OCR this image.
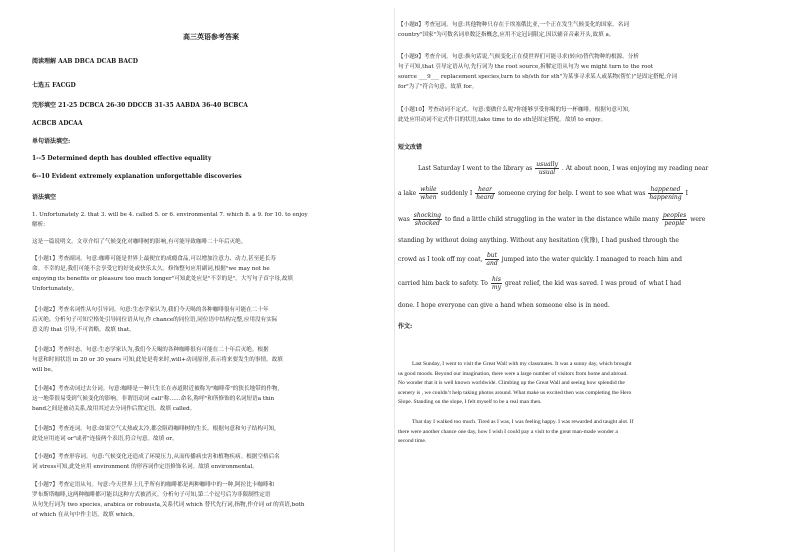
高三英语参考答案

阅读理解 AAB DBCA DCAB BACD

七选五 FACGD

完形填空 21-25 DCBCA 26-30 DDCCB 31-35 AABDA 36-40 BCBCA

ACBCB ADCAA

单句语法填空:

1--5 Determined depth has doubled effective equality

6--10 Evident extremely explanation unforgettable discoveries

语法填空

1. Unfortunately 2. that 3. will be 4. called 5. or 6. environmental 7. which 8. a 9. for 10. to enjoy

解析:

这是一篇说明文。文章介绍了气候变化对咖啡树的影响,有可能导致咖啡二十年后灭绝。

【小题1】考查副词。句意:咖啡可能是世界上最便宜的成瘾食品,可以增加注意力、动力,甚至延长寿
命。不幸的是,我们可能不会享受它的好处或快乐太久。修饰整句应用副词,根据"we may not be
enjoying its benefits or pleasure too much longer"可知此处应是"不幸的是"。大写句子首字母,故填
Unfortunately。
【小题2】考查名词性从句引导词。句意:生态学家认为,我们今天喝的各种咖啡很有可能在二十年
后灭绝。分析句子可知空格处引导同位语从句,作 chance的同位语,同位语中结构完整,应用没有实际
意义的 that 引导,不可省略。故填 that。
【小题3】考查时态。句意:生态学家认为,我们今天喝的各种咖啡很有可能在二十年后灭绝。根据
句意和时间状语 in 20 or 30 years 可知,此处是将来时,will+动词原形,表示将来要发生的事情。故填
will be。
【小题4】考查动词过去分词。句意:咖啡是一种只生长在赤道附近被称为"咖啡带"的狭长地带的作物,
这一地带很易受到气候变化的影响。非谓语动词 call"称……命名,称呼"和所修饰的名词短语a thin
band之间是被动关系,故用其过去分词作后置定语。故填 called。
【小题5】考查连词。句意:如果空气太热或太冷,都会阻碍咖啡树的生长。根据句意和句子结构可知,
此处应用连词 or"或者"连接两个表语,符合句意。故填 or。
【小题6】考查形容词。句意:气候变化还造成了环境压力,从而传播病虫害和植物疾病。根据空格后名
词 stress可知,此处应用 environment 的形容词作定语修饰名词。故填 environmental。
【小题7】考查定语从句。句意:今天世界上几乎所有的咖啡都是两种咖啡中的一种,阿拉比卡咖啡和
罗布斯塔咖啡,这两种咖啡都可能以这种方式被消灭。分析句子可知,第二个逗号后为非限制性定语
从句先行词为 two species, arabica or robuusta,关系代词 which 替代先行词,指物,作介词 of 的宾语,both
of which 在从句中作主语。故填 which。
【小题8】考查冠词。句意:其他物种只存在于埃塞俄比亚,一个正在发生气候变化的国家。名词
country"国家"为可数名词单数泛指概念,应用不定冠词限定,因以辅音音素开头,故填 a。
【小题9】考查介词。句意:换句话说,气候变化正在使世界们可能寻求(转向)替代物种的根源。分析
句子可知,that 引导定语从句,先行词为 the root source,拆解定语从句为 we might turn to the root
source ___9___ replacement species,turn to sb/sth for sth"为某事寻求某人或某物(帮忙)"是固定搭配,介词
for"为了"符合句意。故填 for。
【小题10】考查动词不定式。句意:要做什么呢?你能够享受你喝的每一杯咖啡。根据句意可知,
此处应用动词不定式作目的状语,take time to do sth是固定搭配。故填 to enjoy。

短文改错

Last Saturday I went to the library as $\frac{\text{usually}}{\text{usual}}$ . At about noon, I was enjoying my reading near
a lake $\frac{\text{while}}{\text{when}}$ suddenly I $\frac{\text{hear}}{\text{heard}}$ someone crying for help. I went to see what was $\frac{\text{happened}}{\text{happening}}$ I
was $\frac{\text{shocking}}{\text{shocked}}$ to find a little child struggling in the water in the distance while many $\frac{\text{peoples}}{\text{people}}$ were
standing by without doing anything. Without any hesitation (犹豫), I had pushed through the
crowd as I took off my coat, $\frac{\text{but}}{\text{and}}$ jumped into the water quickly. I managed to reach him and
carried him back to safety. To $\frac{\text{his}}{my}$ great relief, the kid was saved. I was proud of what I had
done. I hope everyone can give a hand when someone else is in need.

作文:

Last Sunday, I went to visit the Great Wall with my classmates. It was a sunny day, which brought
us good moods. Beyond our imagination, there were a large number of visitors from home and abroad.
No wonder that it is well known worldwide. Climbing up the Great Wall and seeing how splendid the
scenery is , we couldn’t help taking photos around. What make us excited then was completing the Hero
Slope. Standing on the slope, I felt myself to be a real man then.
That day I walked too much. Tired as I was, I was feeling happy. I was rewarded and taught alot. If
there were another chance one day, how I wish I could pay a visit to the great man-made wonder a
second time.
